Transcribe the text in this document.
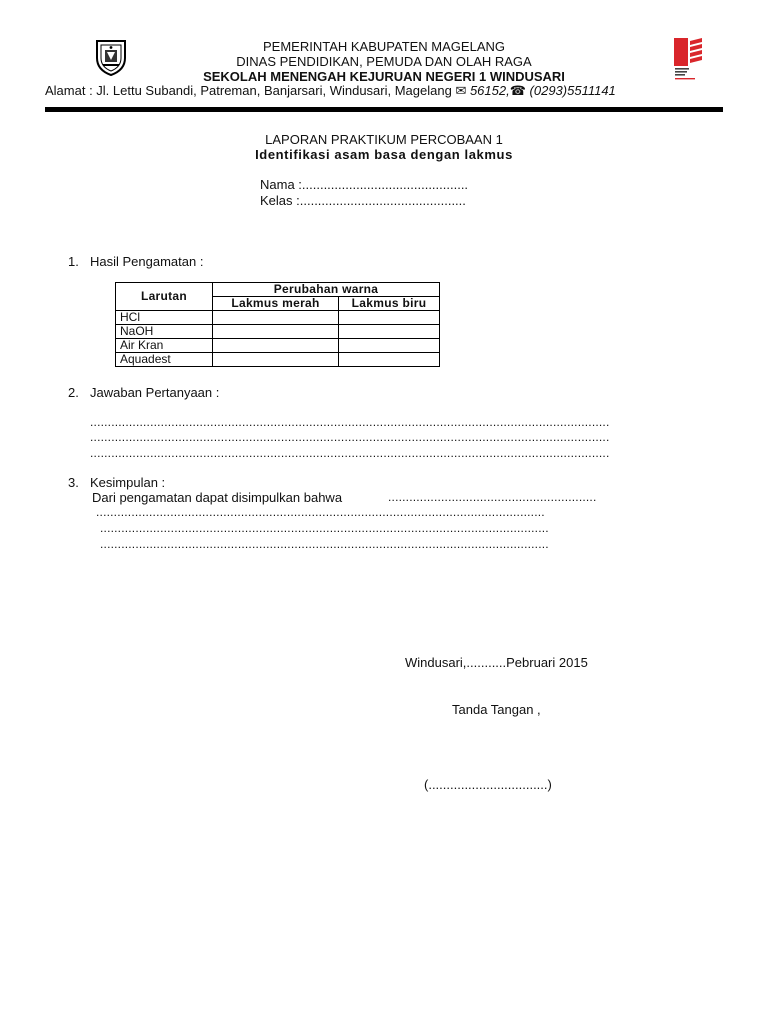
PEMERINTAH KABUPATEN MAGELANG
DINAS PENDIDIKAN, PEMUDA DAN OLAH RAGA
SEKOLAH MENENGAH KEJURUAN NEGERI 1 WINDUSARI
Alamat : Jl. Lettu Subandi, Patreman, Banjarsari, Windusari, Magelang ✉ 56152,☎ (0293)5511141
LAPORAN PRAKTIKUM PERCOBAAN 1
Identifikasi asam basa dengan lakmus
Nama :..............................................
Kelas :..............................................
1. Hasil Pengamatan :
Larutan	Perubahan warna	
	Lakmus merah	Lakmus biru
HCl		
NaOH		
Air Kran		
Aquadest		
2. Jawaban Pertanyaan :
...................................................................................................................................................
...................................................................................................................................................
...................................................................................................................................................
3. Kesimpulan :
Dari pengamatan dapat disimpulkan bahwa	...........................................................
...............................................................................................................................
...............................................................................................................................
...............................................................................................................................
Windusari,...........Pebruari 2015
Tanda Tangan ,
(.................................)
